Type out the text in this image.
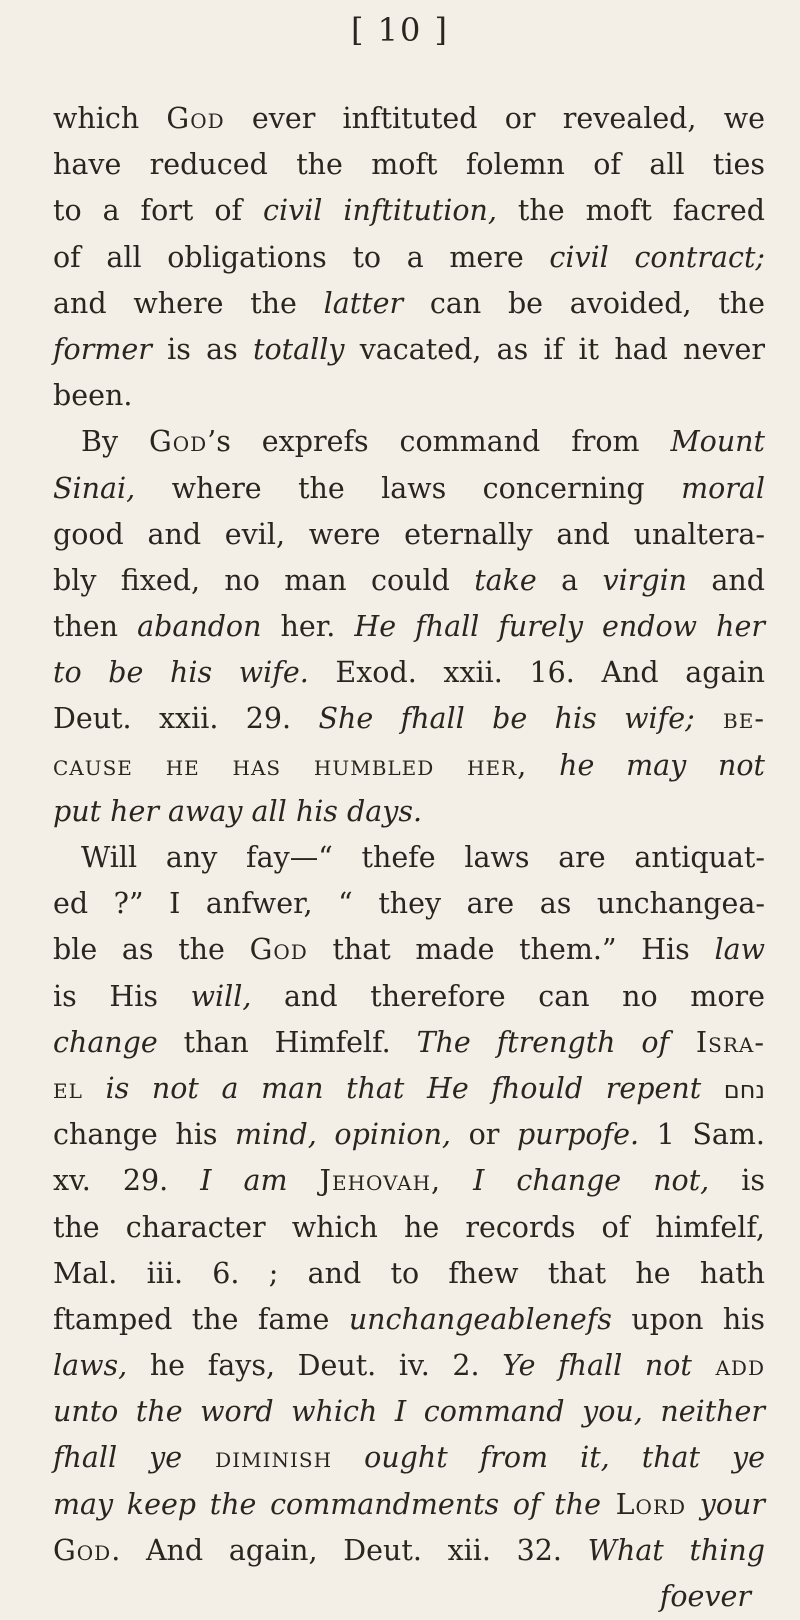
[ 10 ]
which God ever inftituted or revealed, we
have reduced the moft folemn of all ties
to a fort of civil inftitution, the moft facred
of all obligations to a mere civil contract;
and where the latter can be avoided, the
former is as totally vacated, as if it had never
been.
By God’s exprefs command from Mount
Sinai, where the laws concerning moral
good and evil, were eternally and unaltera-
bly fixed, no man could take a virgin and
then abandon her. He fhall furely endow her
to be his wife. Exod. xxii. 16. And again
Deut. xxii. 29. She fhall be his wife; be-
cause he has humbled her, he may not
put her away all his days.
Will any fay—“ thefe laws are antiquat-
ed ?” I anfwer, “ they are as unchangea-
ble as the God that made them.” His law
is His will, and therefore can no more
change than Himfelf. The ftrength of Isra-
el is not a man that He fhould repent נחם
change his mind, opinion, or purpofe. 1 Sam.
xv. 29. I am Jehovah, I change not, is
the character which he records of himfelf,
Mal. iii. 6. ; and to fhew that he hath
ftamped the fame unchangeablenefs upon his
laws, he fays, Deut. iv. 2. Ye fhall not add
unto the word which I command you, neither
fhall ye diminish ought from it, that ye
may keep the commandments of the Lord your
God. And again, Deut. xii. 32. What thing
foever
